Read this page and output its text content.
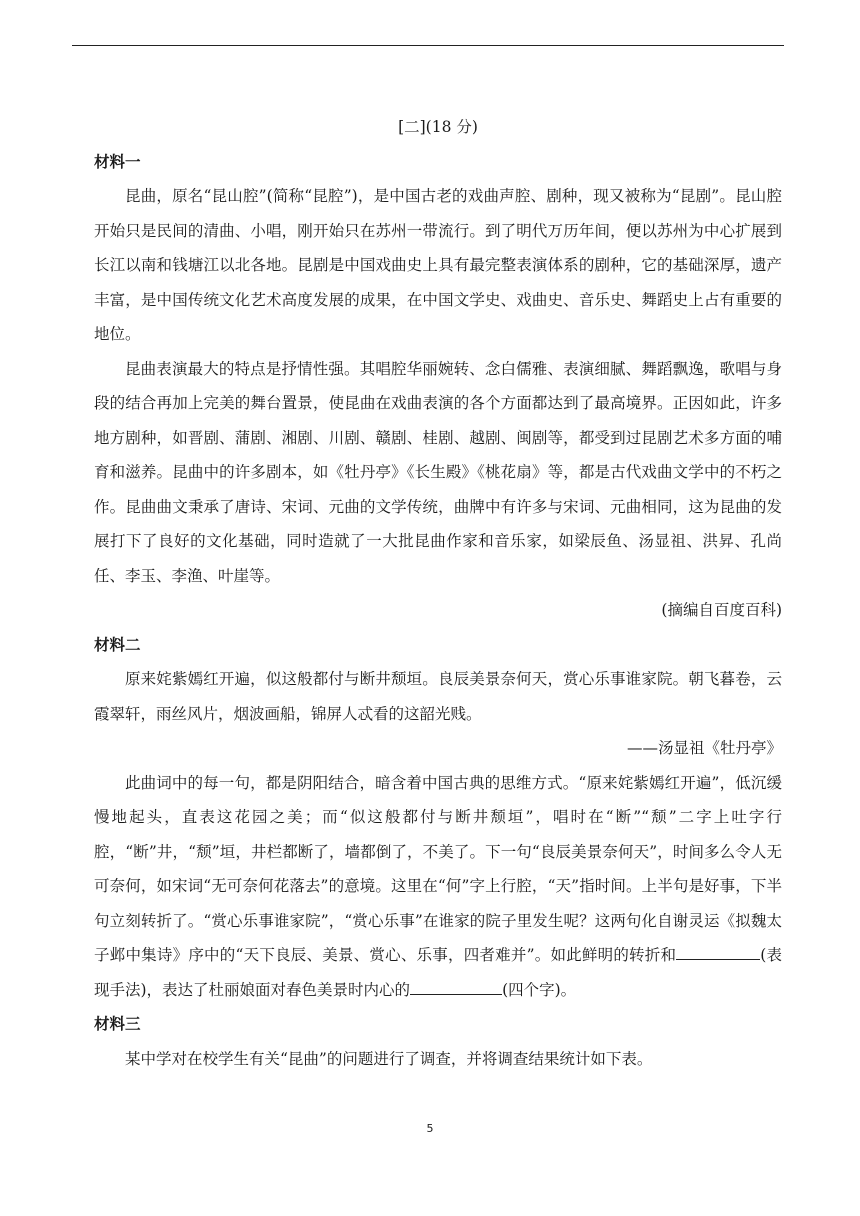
[二](18 分)

材料一

昆曲，原名“昆山腔”(简称“昆腔”)，是中国古老的戏曲声腔、剧种，现又被称为“昆剧”。昆山腔开始只是民间的清曲、小唱，刚开始只在苏州一带流行。到了明代万历年间，便以苏州为中心扩展到长江以南和钱塘江以北各地。昆剧是中国戏曲史上具有最完整表演体系的剧种，它的基础深厚，遗产丰富，是中国传统文化艺术高度发展的成果，在中国文学史、戏曲史、音乐史、舞蹈史上占有重要的地位。

昆曲表演最大的特点是抒情性强。其唱腔华丽婉转、念白儒雅、表演细腻、舞蹈飘逸，歌唱与身段的结合再加上完美的舞台置景，使昆曲在戏曲表演的各个方面都达到了最高境界。正因如此，许多地方剧种，如晋剧、蒲剧、湘剧、川剧、赣剧、桂剧、越剧、闽剧等，都受到过昆剧艺术多方面的哺育和滋养。昆曲中的许多剧本，如《牡丹亭》《长生殿》《桃花扇》等，都是古代戏曲文学中的不朽之作。昆曲曲文秉承了唐诗、宋词、元曲的文学传统，曲牌中有许多与宋词、元曲相同，这为昆曲的发展打下了良好的文化基础，同时造就了一大批昆曲作家和音乐家，如梁辰鱼、汤显祖、洪昇、孔尚任、李玉、李渔、叶崖等。

(摘编自百度百科)

材料二

原来姹紫嫣红开遍，似这般都付与断井颓垣。良辰美景奈何天，赏心乐事谁家院。朝飞暮卷，云霞翠轩，雨丝风片，烟波画船，锦屏人忒看的这韶光贱。

——汤显祖《牡丹亭》

此曲词中的每一句，都是阴阳结合，暗含着中国古典的思维方式。“原来姹紫嫣红开遍”，低沉缓慢地起头，直表这花园之美；而“似这般都付与断井颓垣”，唱时在“断”“颓”二字上吐字行腔，“断”井，“颓”垣，井栏都断了，墙都倒了，不美了。下一句“良辰美景奈何天”，时间多么令人无可奈何，如宋词“无可奈何花落去”的意境。这里在“何”字上行腔，“天”指时间。上半句是好事，下半句立刻转折了。“赏心乐事谁家院”，“赏心乐事”在谁家的院子里发生呢？这两句化自谢灵运《拟魏太子邺中集诗》序中的“天下良辰、美景、赏心、乐事，四者难并”。如此鲜明的转折和	(表现手法)，表达了杜丽娘面对春色美景时内心的	(四个字)。

材料三

某中学对在校学生有关“昆曲”的问题进行了调查，并将调查结果统计如下表。

5
